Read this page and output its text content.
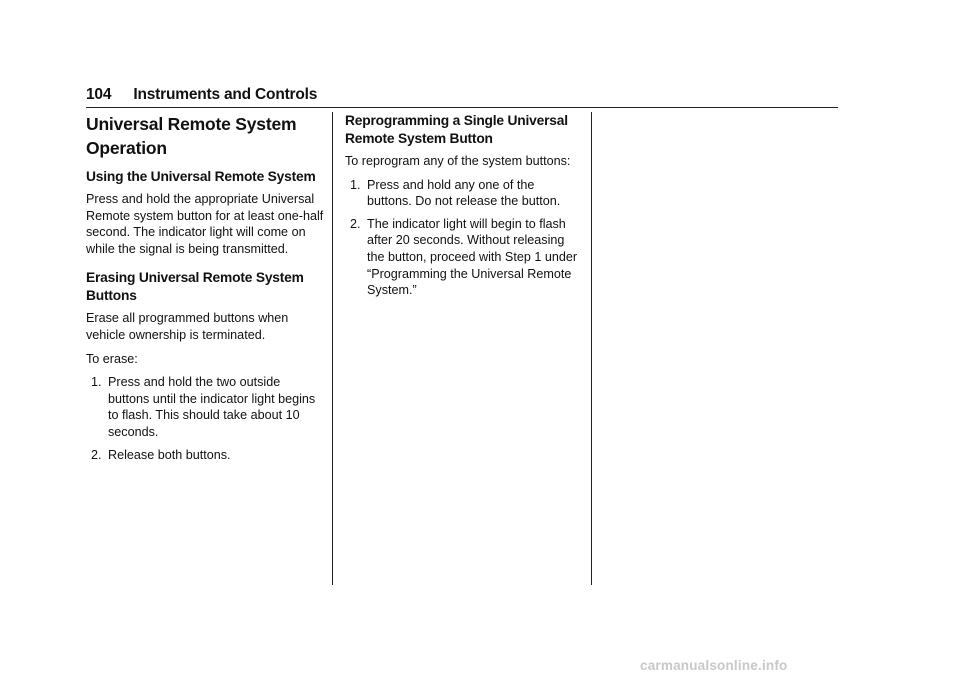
104 Instruments and Controls
Universal Remote System Operation
Using the Universal Remote System

Press and hold the appropriate Universal Remote system button for at least one-half second. The indicator light will come on while the signal is being transmitted.

Erasing Universal Remote System Buttons

Erase all programmed buttons when vehicle ownership is terminated.

To erase:

1. Press and hold the two outside buttons until the indicator light begins to flash. This should take about 10 seconds.
2. Release both buttons.
Reprogramming a Single Universal Remote System Button

To reprogram any of the system buttons:

1. Press and hold any one of the buttons. Do not release the button.
2. The indicator light will begin to flash after 20 seconds. Without releasing the button, proceed with Step 1 under “Programming the Universal Remote System.”
carmanualsonline.info
